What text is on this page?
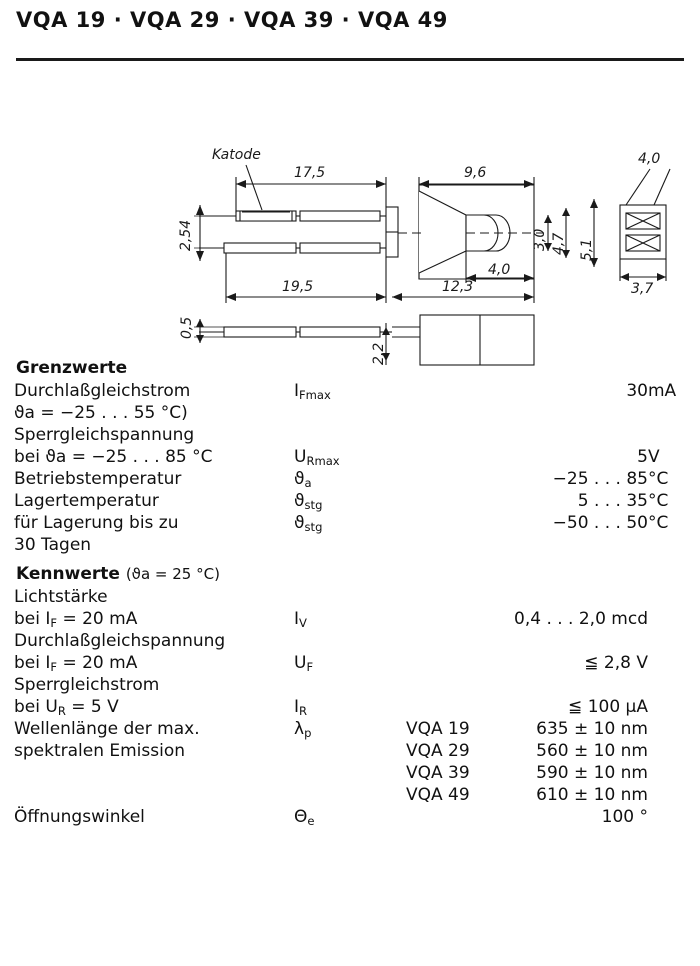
VQA 19 · VQA 29 · VQA 39 · VQA 49
Katode
17,5	9,6
4,0
2,54	3,0 4,7 5,1
19,5	12,3
4,0
3,7
0,5
2,2
Grenzwerte
Durchlaßgleichstrom	$I_{Fmax}$		30	mA
ϑa = −25 . . . 55 °C)				
Sperrgleichspannung				
bei ϑa = −25 . . . 85 °C	$U_{Rmax}$		5	V
Betriebstemperatur	$ϑ_a$		−25 . . . 85	°C
Lagertemperatur	$ϑ_{stg}$		5 . . . 35	°C
für Lagerung bis zu	$ϑ_{stg}$		−50 . . . 50	°C
30 Tagen				
Kennwerte (ϑa = 25 °C)
Lichtstärke				
bei $I_F = 20$ mA	$I_V$		0,4 . . . 2,0 mcd	
Durchlaßgleichspannung				
bei $I_F = 20$ mA	$U_F$		≦ 2,8 V	
Sperrgleichstrom				
bei $U_R = 5$ V	$I_R$		≦ 100 µA	
Wellenlänge der max.	$\lambda_p$	VQA 19	635 ± 10 nm	
spektralen Emission		VQA 29	560 ± 10 nm	
		VQA 39	590 ± 10 nm	
		VQA 49	610 ± 10 nm	
Öffnungswinkel	$\Theta_e$		100 °	
